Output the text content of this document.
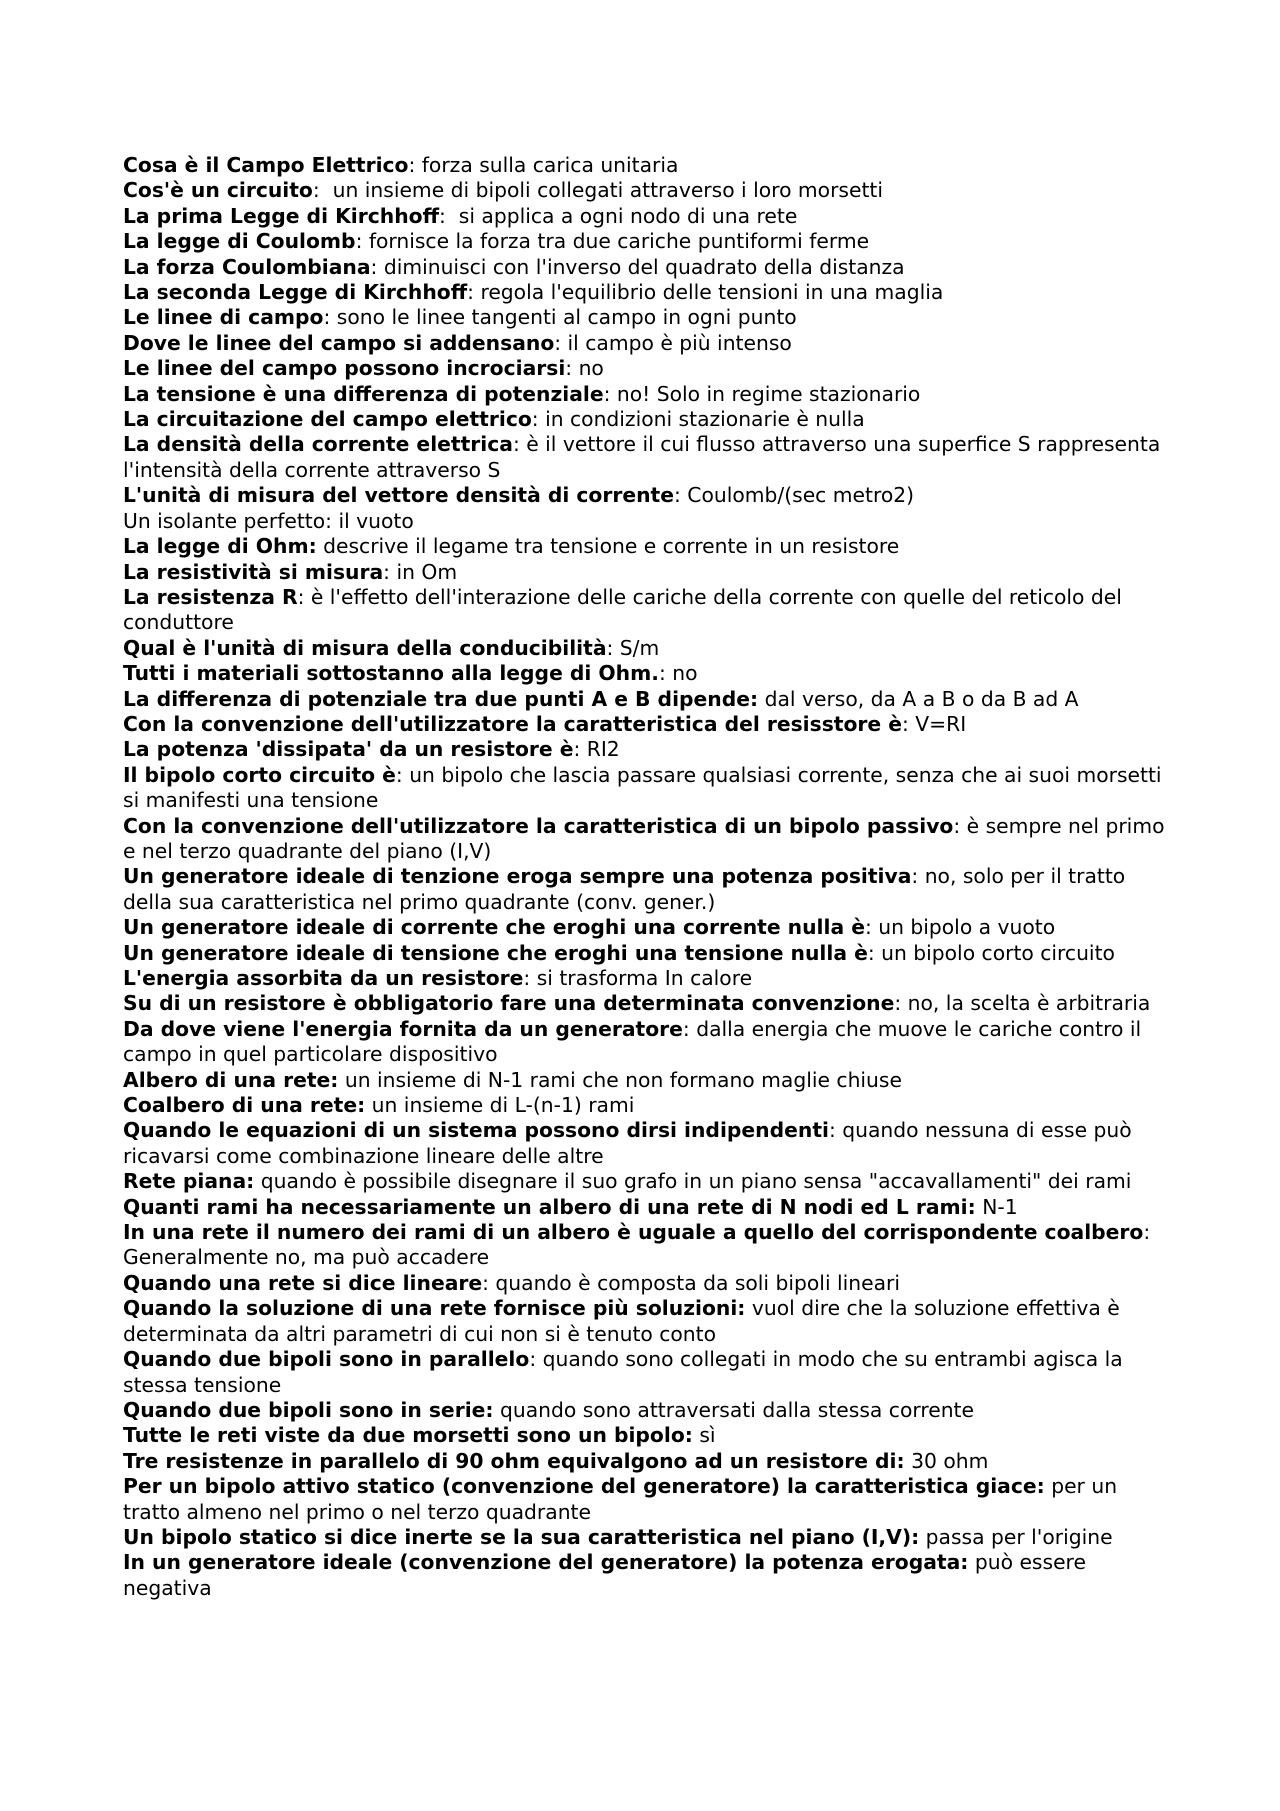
Cosa è il Campo Elettrico: forza sulla carica unitaria
Cos'è un circuito:  un insieme di bipoli collegati attraverso i loro morsetti
La prima Legge di Kirchhoff:  si applica a ogni nodo di una rete
La legge di Coulomb: fornisce la forza tra due cariche puntiformi ferme
La forza Coulombiana: diminuisci con l'inverso del quadrato della distanza
La seconda Legge di Kirchhoff: regola l'equilibrio delle tensioni in una maglia
Le linee di campo: sono le linee tangenti al campo in ogni punto
Dove le linee del campo si addensano: il campo è più intenso
Le linee del campo possono incrociarsi: no
La tensione è una differenza di potenziale: no! Solo in regime stazionario
La circuitazione del campo elettrico: in condizioni stazionarie è nulla
La densità della corrente elettrica: è il vettore il cui flusso attraverso una superfice S rappresenta l'intensità della corrente attraverso S
L'unità di misura del vettore densità di corrente: Coulomb/(sec metro2)
Un isolante perfetto: il vuoto
La legge di Ohm: descrive il legame tra tensione e corrente in un resistore
La resistività si misura: in Om
La resistenza R: è l'effetto dell'interazione delle cariche della corrente con quelle del reticolo del conduttore
Qual è l'unità di misura della conducibilità: S/m
Tutti i materiali sottostanno alla legge di Ohm.: no
La differenza di potenziale tra due punti A e B dipende: dal verso, da A a B o da B ad A
Con la convenzione dell'utilizzatore la caratteristica del resisstore è: V=RI
La potenza 'dissipata' da un resistore è: RI2
Il bipolo corto circuito è: un bipolo che lascia passare qualsiasi corrente, senza che ai suoi morsetti si manifesti una tensione
Con la convenzione dell'utilizzatore la caratteristica di un bipolo passivo: è sempre nel primo e nel terzo quadrante del piano (I,V)
Un generatore ideale di tenzione eroga sempre una potenza positiva: no, solo per il tratto della sua caratteristica nel primo quadrante (conv. gener.)
Un generatore ideale di corrente che eroghi una corrente nulla è: un bipolo a vuoto
Un generatore ideale di tensione che eroghi una tensione nulla è: un bipolo corto circuito
L'energia assorbita da un resistore: si trasforma In calore
Su di un resistore è obbligatorio fare una determinata convenzione: no, la scelta è arbitraria
Da dove viene l'energia fornita da un generatore: dalla energia che muove le cariche contro il campo in quel particolare dispositivo
Albero di una rete: un insieme di N-1 rami che non formano maglie chiuse
Coalbero di una rete: un insieme di L-(n-1) rami
Quando le equazioni di un sistema possono dirsi indipendenti: quando nessuna di esse può ricavarsi come combinazione lineare delle altre
Rete piana: quando è possibile disegnare il suo grafo in un piano sensa "accavallamenti" dei rami
Quanti rami ha necessariamente un albero di una rete di N nodi ed L rami: N-1
In una rete il numero dei rami di un albero è uguale a quello del corrispondente coalbero: Generalmente no, ma può accadere
Quando una rete si dice lineare: quando è composta da soli bipoli lineari
Quando la soluzione di una rete fornisce più soluzioni: vuol dire che la soluzione effettiva è determinata da altri parametri di cui non si è tenuto conto
Quando due bipoli sono in parallelo: quando sono collegati in modo che su entrambi agisca la stessa tensione
Quando due bipoli sono in serie: quando sono attraversati dalla stessa corrente
Tutte le reti viste da due morsetti sono un bipolo: sì
Tre resistenze in parallelo di 90 ohm equivalgono ad un resistore di: 30 ohm
Per un bipolo attivo statico (convenzione del generatore) la caratteristica giace: per un tratto almeno nel primo o nel terzo quadrante
Un bipolo statico si dice inerte se la sua caratteristica nel piano (I,V): passa per l'origine
In un generatore ideale (convenzione del generatore) la potenza erogata: può essere negativa
